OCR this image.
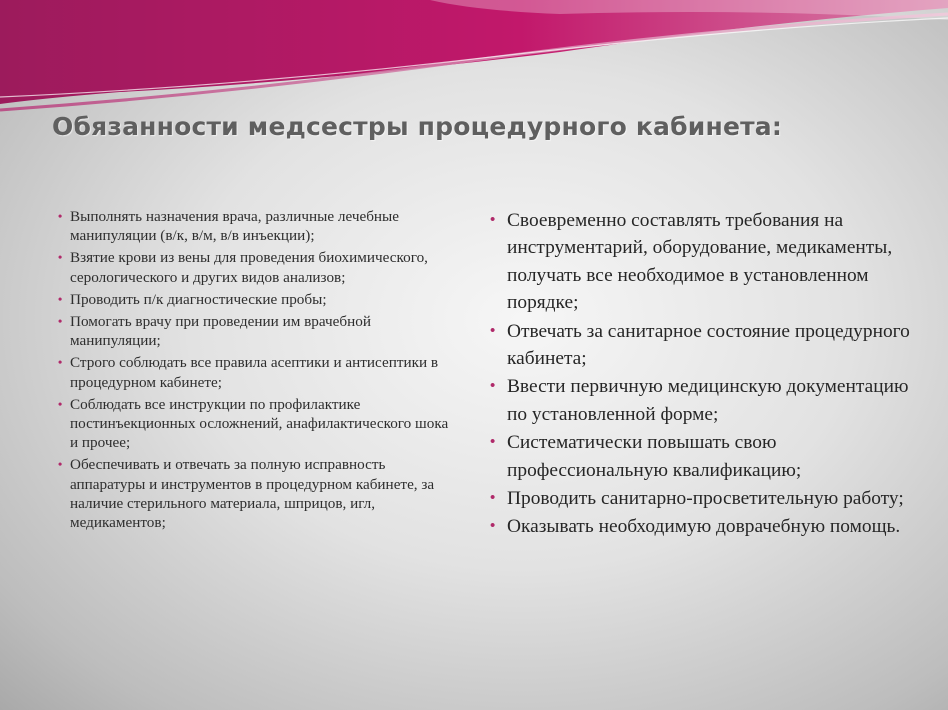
Обязанности медсестры процедурного кабинета:
• Выполнять назначения врача, различные лечебные манипуляции (в/к, в/м, в/в инъекции);
• Взятие крови из вены для проведения биохимического, серологического и других видов анализов;
• Проводить п/к диагностические пробы;
• Помогать врачу при проведении им врачебной манипуляции;
• Строго соблюдать все правила асептики и антисептики в процедурном кабинете;
• Соблюдать все инструкции по профилактике постинъекционных осложнений, анафилактического шока и прочее;
• Обеспечивать и отвечать за полную исправность аппаратуры и инструментов в процедурном кабинете, за наличие стерильного материала, шприцов, игл, медикаментов;
• Своевременно составлять требования на инструментарий, оборудование, медикаменты, получать все необходимое в установленном порядке;
• Отвечать за санитарное состояние процедурного кабинета;
• Ввести первичную медицинскую документацию по установленной форме;
• Систематически повышать свою профессиональную квалификацию;
• Проводить санитарно-просветительную работу;
• Оказывать необходимую доврачебную помощь.
